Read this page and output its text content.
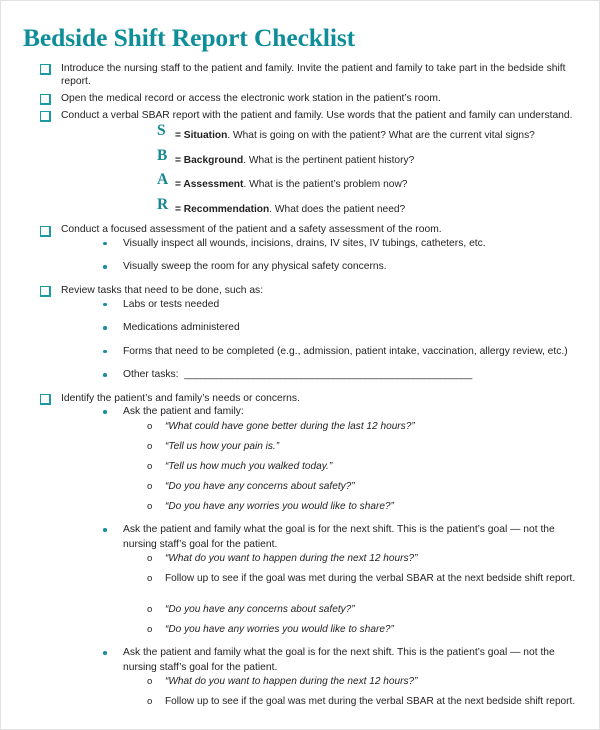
Bedside Shift Report Checklist
Introduce the nursing staff to the patient and family. Invite the patient and family to take part in the bedside shift report.
Open the medical record or access the electronic work station in the patient’s room.
Conduct a verbal SBAR report with the patient and family. Use words that the patient and family can understand.
S = Situation. What is going on with the patient? What are the current vital signs?
B = Background. What is the pertinent patient history?
A = Assessment. What is the patient’s problem now?
R = Recommendation. What does the patient need?
Conduct a focused assessment of the patient and a safety assessment of the room.
Visually inspect all wounds, incisions, drains, IV sites, IV tubings, catheters, etc.
Visually sweep the room for any physical safety concerns.
Review tasks that need to be done, such as:
Labs or tests needed
Medications administered
Forms that need to be completed (e.g., admission, patient intake, vaccination, allergy review, etc.)
Other tasks: ______________________________________________________
Identify the patient’s and family’s needs or concerns.
Ask the patient and family:
o “What could have gone better during the last 12 hours?”
o “Tell us how your pain is.”
o “Tell us how much you walked today.”
o “Do you have any concerns about safety?”
o “Do you have any worries you would like to share?”
Ask the patient and family what the goal is for the next shift. This is the patient’s goal — not the nursing staff’s goal for the patient.
o “What do you want to happen during the next 12 hours?”
o Follow up to see if the goal was met during the verbal SBAR at the next bedside shift report.
o “Do you have any concerns about safety?”
o “Do you have any worries you would like to share?”
Ask the patient and family what the goal is for the next shift. This is the patient’s goal — not the nursing staff’s goal for the patient.
o “What do you want to happen during the next 12 hours?”
o Follow up to see if the goal was met during the verbal SBAR at the next bedside shift report.
